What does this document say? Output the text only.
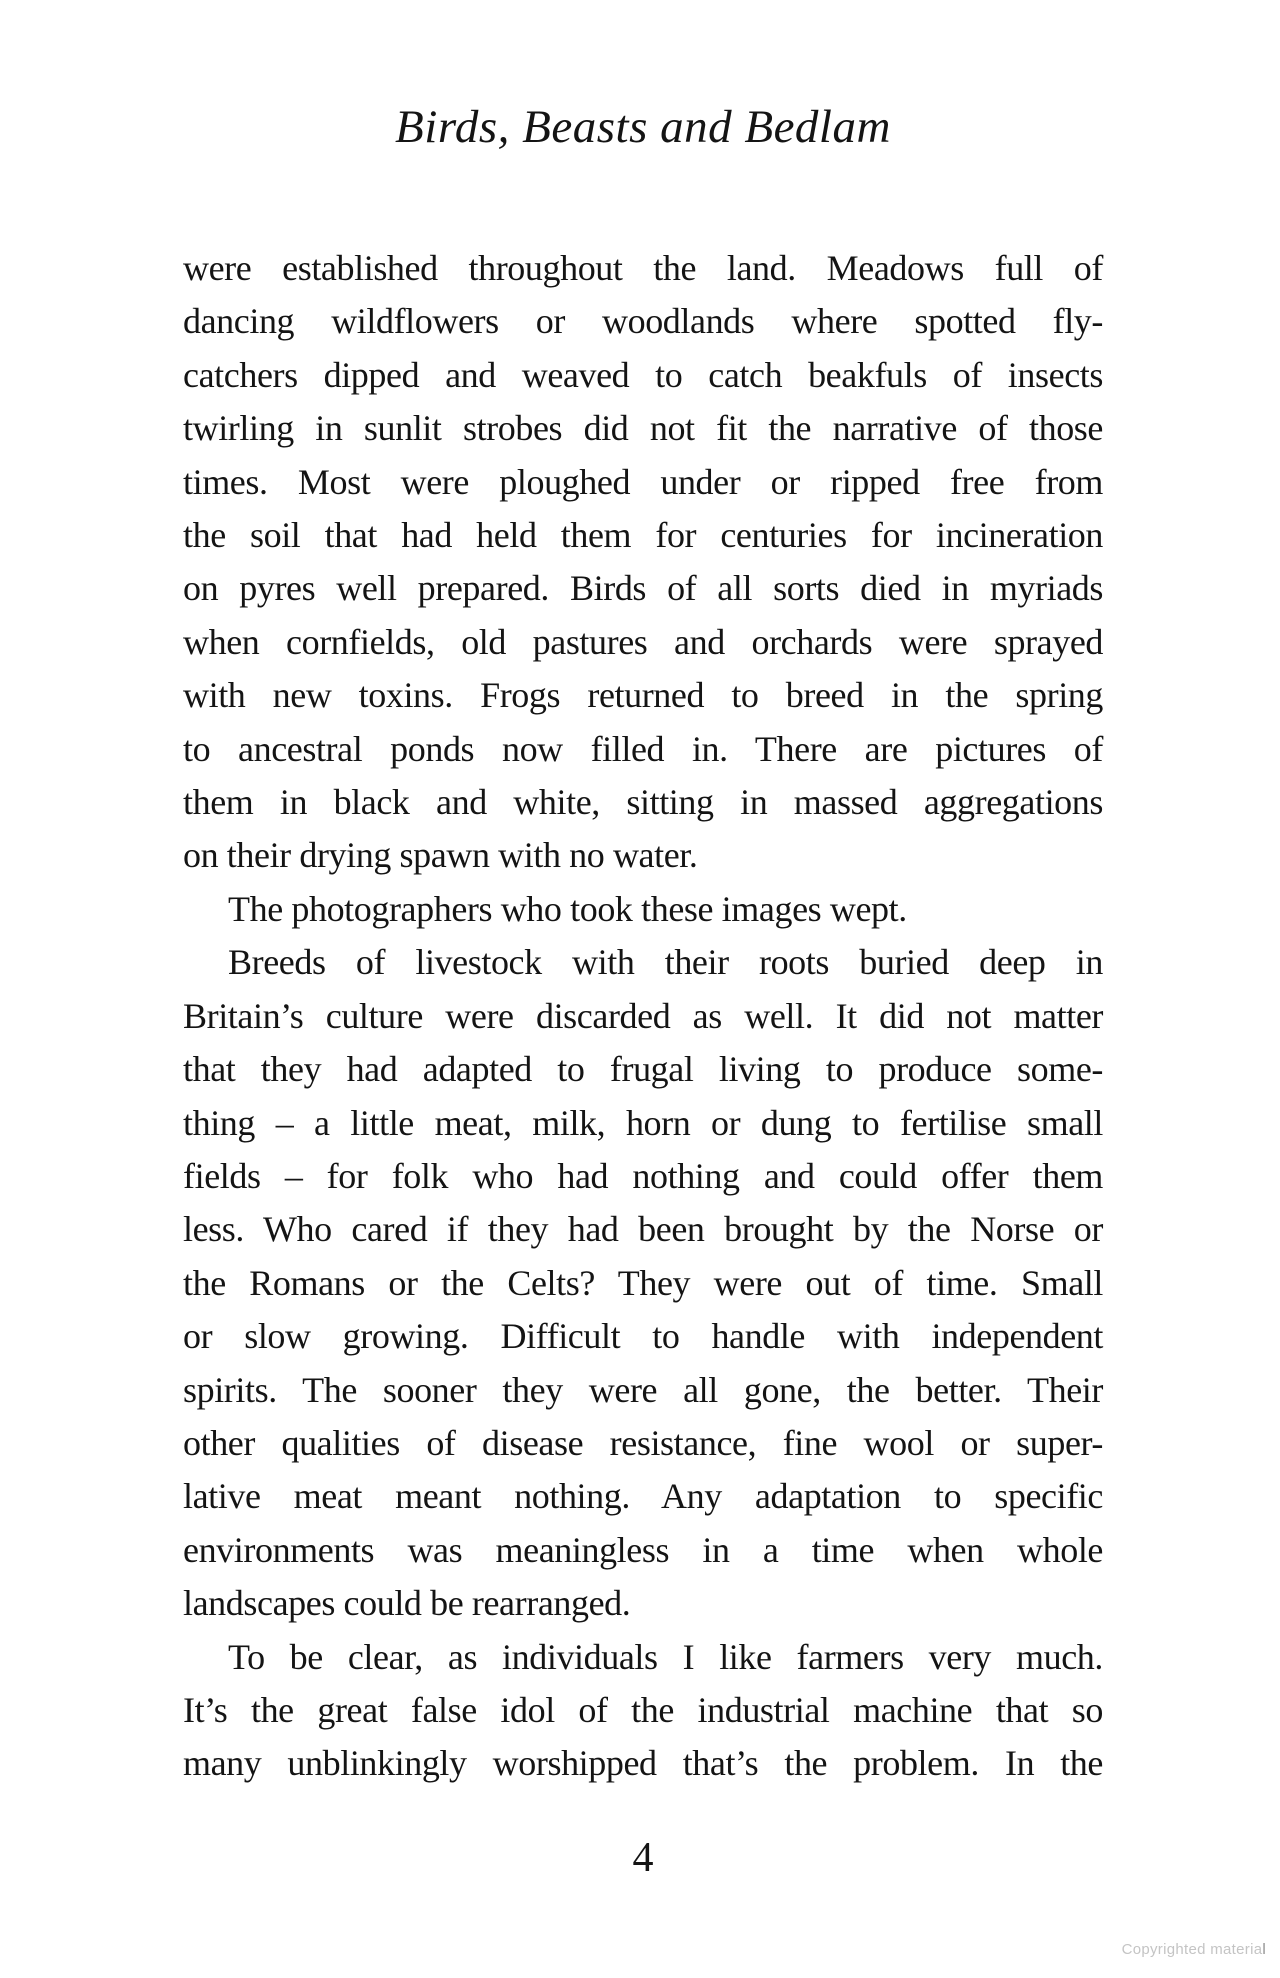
Birds, Beasts and Bedlam
were established throughout the land. Meadows full of
dancing wildflowers or woodlands where spotted fly-
catchers dipped and weaved to catch beakfuls of insects
twirling in sunlit strobes did not fit the narrative of those
times. Most were ploughed under or ripped free from
the soil that had held them for centuries for incineration
on pyres well prepared. Birds of all sorts died in myriads
when cornfields, old pastures and orchards were sprayed
with new toxins. Frogs returned to breed in the spring
to ancestral ponds now filled in. There are pictures of
them in black and white, sitting in massed aggregations
on their drying spawn with no water.
The photographers who took these images wept.
Breeds of livestock with their roots buried deep in
Britain’s culture were discarded as well. It did not matter
that they had adapted to frugal living to produce some-
thing – a little meat, milk, horn or dung to fertilise small
fields – for folk who had nothing and could offer them
less. Who cared if they had been brought by the Norse or
the Romans or the Celts? They were out of time. Small
or slow growing. Difficult to handle with independent
spirits. The sooner they were all gone, the better. Their
other qualities of disease resistance, fine wool or super-
lative meat meant nothing. Any adaptation to specific
environments was meaningless in a time when whole
landscapes could be rearranged.
To be clear, as individuals I like farmers very much.
It’s the great false idol of the industrial machine that so
many unblinkingly worshipped that’s the problem. In the
4
Copyrighted material
